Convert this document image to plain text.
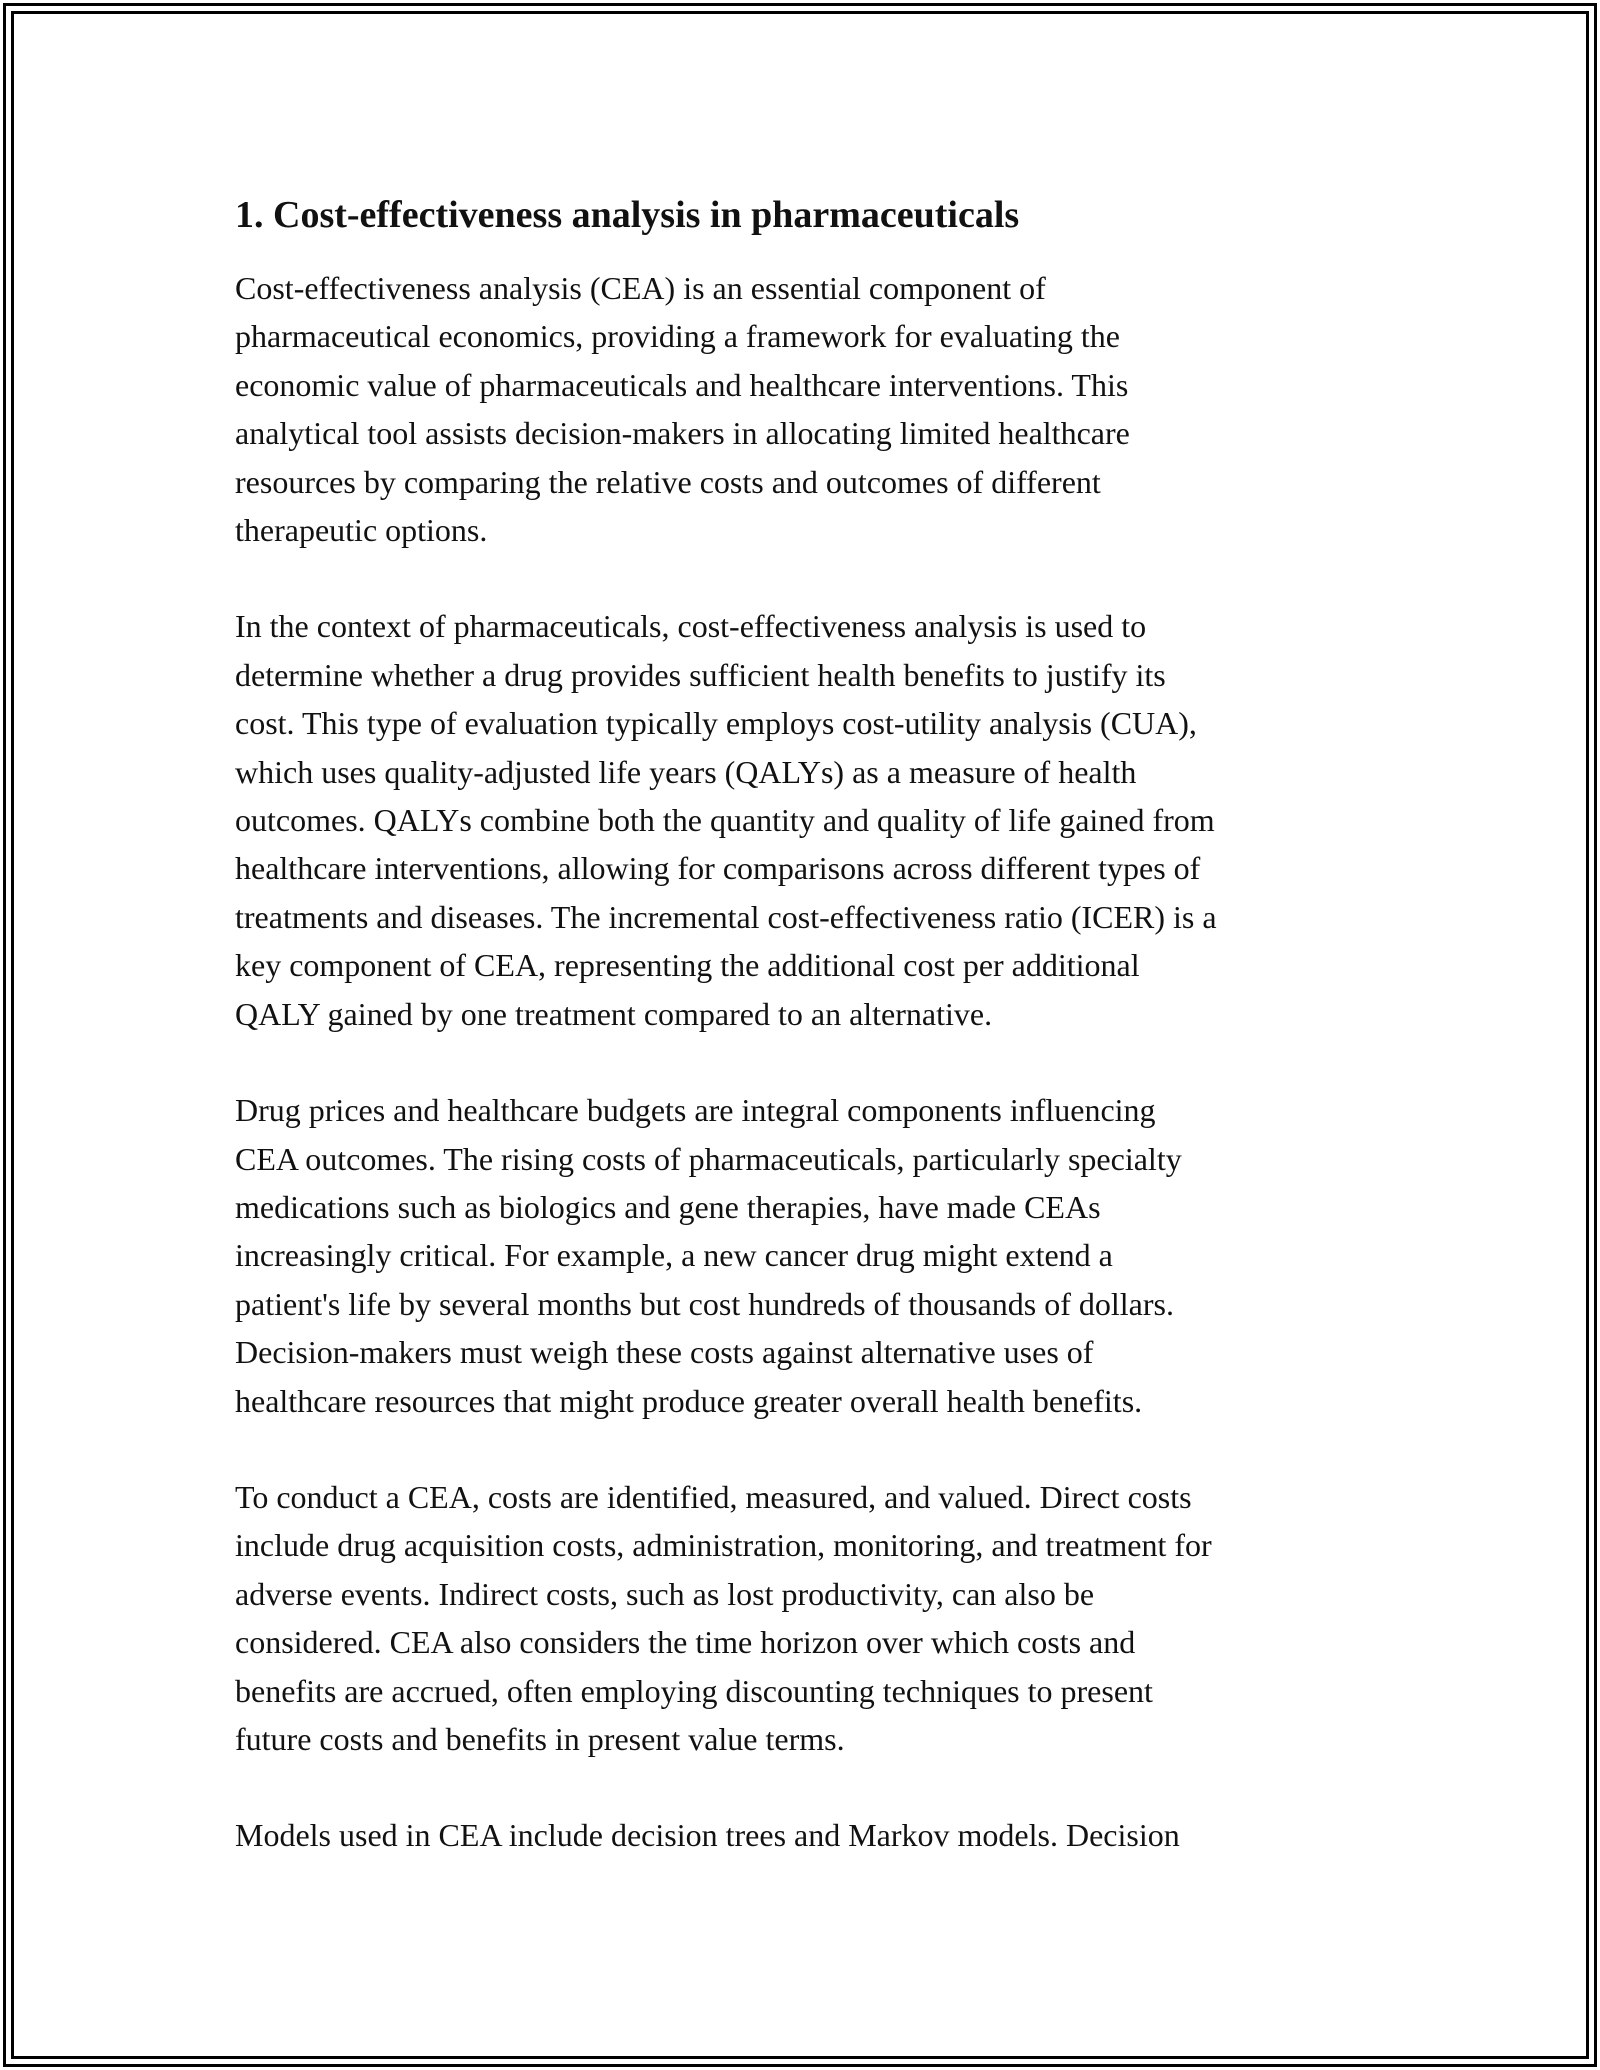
1. Cost-effectiveness analysis in pharmaceuticals

Cost-effectiveness analysis (CEA) is an essential component of
pharmaceutical economics, providing a framework for evaluating the
economic value of pharmaceuticals and healthcare interventions. This
analytical tool assists decision-makers in allocating limited healthcare
resources by comparing the relative costs and outcomes of different
therapeutic options.

In the context of pharmaceuticals, cost-effectiveness analysis is used to
determine whether a drug provides sufficient health benefits to justify its
cost. This type of evaluation typically employs cost-utility analysis (CUA),
which uses quality-adjusted life years (QALYs) as a measure of health
outcomes. QALYs combine both the quantity and quality of life gained from
healthcare interventions, allowing for comparisons across different types of
treatments and diseases. The incremental cost-effectiveness ratio (ICER) is a
key component of CEA, representing the additional cost per additional
QALY gained by one treatment compared to an alternative.

Drug prices and healthcare budgets are integral components influencing
CEA outcomes. The rising costs of pharmaceuticals, particularly specialty
medications such as biologics and gene therapies, have made CEAs
increasingly critical. For example, a new cancer drug might extend a
patient's life by several months but cost hundreds of thousands of dollars.
Decision-makers must weigh these costs against alternative uses of
healthcare resources that might produce greater overall health benefits.

To conduct a CEA, costs are identified, measured, and valued. Direct costs
include drug acquisition costs, administration, monitoring, and treatment for
adverse events. Indirect costs, such as lost productivity, can also be
considered. CEA also considers the time horizon over which costs and
benefits are accrued, often employing discounting techniques to present
future costs and benefits in present value terms.

Models used in CEA include decision trees and Markov models. Decision
